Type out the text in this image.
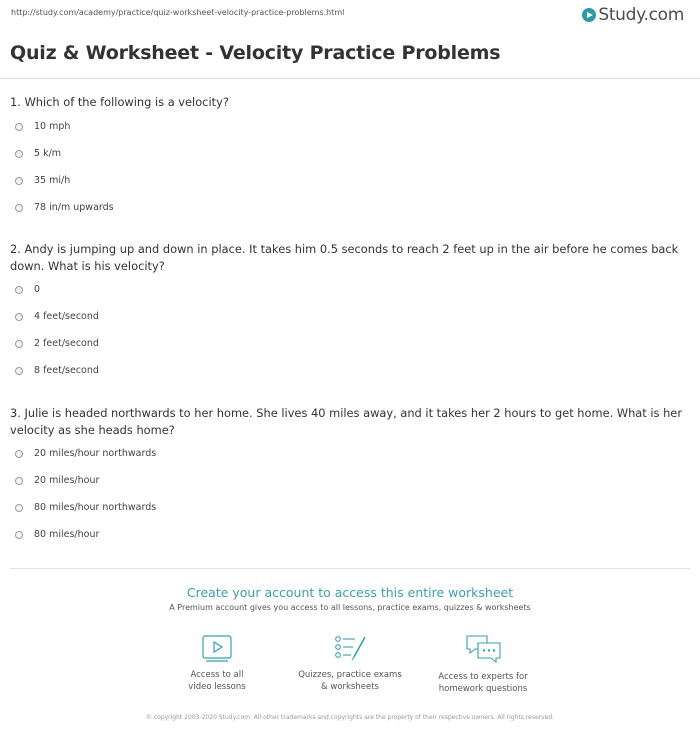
http://study.com/academy/practice/quiz-worksheet-velocity-practice-problems.html	Study.com
Quiz & Worksheet - Velocity Practice Problems

1. Which of the following is a velocity?

10 mph
5 k/m
35 mi/h
78 in/m upwards

2. Andy is jumping up and down in place. It takes him 0.5 seconds to reach 2 feet up in the air before he comes back down. What is his velocity?

0
4 feet/second
2 feet/second
8 feet/second

3. Julie is headed northwards to her home. She lives 40 miles away, and it takes her 2 hours to get home. What is her velocity as she heads home?

20 miles/hour northwards
20 miles/hour
80 miles/hour northwards
80 miles/hour
Create your account to access this entire worksheet
A Premium account gives you access to all lessons, practice exams, quizzes & worksheets
Access to all
video lessons
Quizzes, practice exams
& worksheets
Access to experts for
homework questions
© copyright 2003-2020 Study.com. All other trademarks and copyrights are the property of their respective owners. All rights reserved.
